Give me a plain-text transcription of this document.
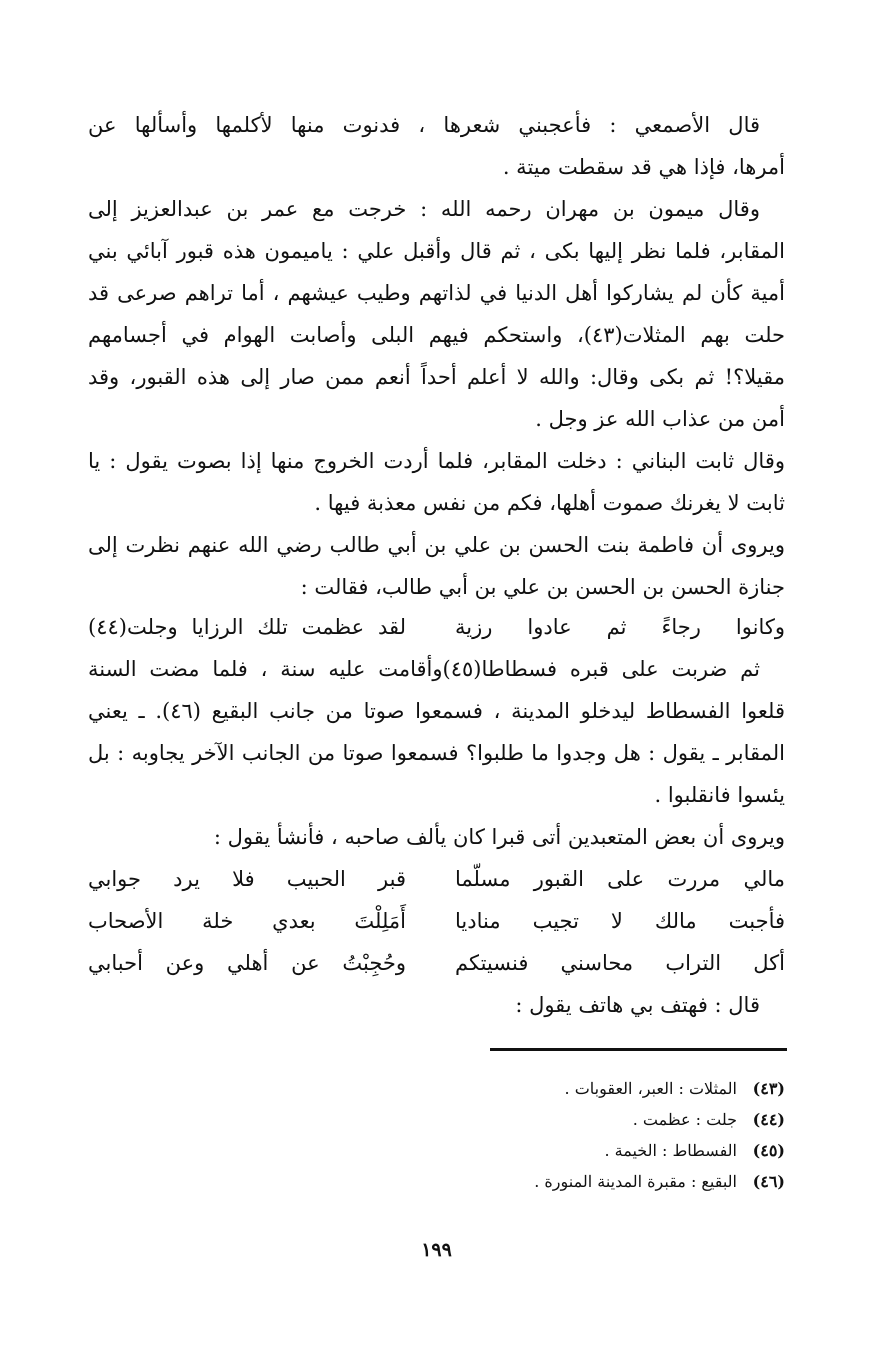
قال الأصمعي : فأعجبني شعرها ، فدنوت منها لأكلمها وأسألها عن
أمرها، فإذا هي قد سقطت ميتة .
وقال ميمون بن مهران رحمه الله : خرجت مع عمر بن عبدالعزيز إلى
المقابر، فلما نظر إليها بكى ، ثم قال وأقبل علي : ياميمون هذه قبور آبائي بني
أمية كأن لم يشاركوا أهل الدنيا في لذاتهم وطيب عيشهم ، أما تراهم صرعى قد
حلت بهم المثلات(٤٣)، واستحكم فيهم البلى وأصابت الهوام في أجسامهم
مقيلا؟! ثم بكى وقال: والله لا أعلم أحداً أنعم ممن صار إلى هذه القبور، وقد
أمن من عذاب الله عز وجل .
وقال ثابت البناني : دخلت المقابر، فلما أردت الخروج منها إذا بصوت يقول : يا
ثابت لا يغرنك صموت أهلها، فكم من نفس معذبة فيها .
ويروى أن فاطمة بنت الحسن بن علي بن أبي طالب رضي الله عنهم نظرت إلى
جنازة الحسن بن الحسن بن علي بن أبي طالب، فقالت :
وكانوا رجاءً ثم عادوا رزية
لقد عظمت تلك الرزايا وجلت(٤٤)
ثم ضربت على قبره فسطاطا(٤٥)وأقامت عليه سنة ، فلما مضت السنة
قلعوا الفسطاط ليدخلو المدينة ، فسمعوا صوتا من جانب البقيع (٤٦). ـ يعني
المقابر ـ يقول : هل وجدوا ما طلبوا؟ فسمعوا صوتا من الجانب الآخر يجاوبه : بل
يئسوا فانقلبوا .
ويروى أن بعض المتعبدين أتى قبرا كان يألف صاحبه ، فأنشأ يقول :
مالي مررت على القبور مسلّما
قبر الحبيب فلا يرد جوابي
فأجبت مالك لا تجيب مناديا
أَمَلِلْتَ بعدي خلة الأصحاب
أكل التراب محاسني فنسيتكم
وحُجِبْتُ عن أهلي وعن أحبابي
قال : فهتف بي هاتف يقول :
(٤٣)المثلات : العبر، العقوبات .
(٤٤)جلت : عظمت .
(٤٥)الفسطاط : الخيمة .
(٤٦)البقيع : مقبرة المدينة المنورة .
١٩٩
